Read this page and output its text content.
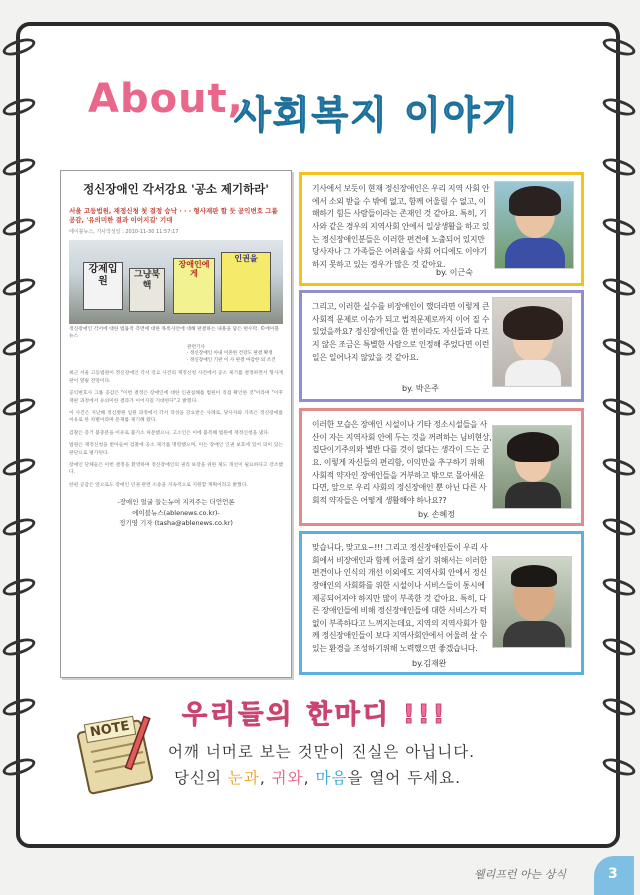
About,
사회복지 이야기
정신장애인 각서강요 '공소 제기하라'
서울 고등법원, 재정신청 첫 결정 승낙 · · · 형사재판 할 듯 공익변호 그룹 공감, '유의미한 결과 이어지길' 기대
에이블뉴스, 기사작성일 : 2010-11-30 11:57:17
강제입원
그냥북핵
장애인에게
인권을
정신장애인 각서에 대한 법률적 측면에 대한 목록사안에 대해 판결하는 내용을 담은 현수막. ©에이블뉴스
관련기사
· 정신장애인 아내 이혼한 건강도 판결 확정
· 정신장애인 기관 이 사 판결 마감한 외 조건

최근 서울 고등법원이 정신장애인 각서 강요 사건의 재정신청 사건에서 공소 제기를 결정하면서 형사재판이 열릴 전망이다.

공익변호사 그룹 공감은 "이번 결정은 장애인에 대한 인권침해를 법원이 직접 확인한 것"이라며 "이후 재판 과정에서 유의미한 결과가 이어지길 기대한다"고 밝혔다.

이 사건은 지난해 정신병원 입원 과정에서 각서 작성을 강요받은 사례로, 당사자와 가족은 정신장애를 이유로 한 차별이라며 문제를 제기해 왔다.

검찰은 증거 불충분을 이유로 불기소 처분했으나, 고소인은 이에 불복해 법원에 재정신청을 냈다.

법원은 재정신청을 받아들여 검찰에 공소 제기를 명령했으며, 이는 장애인 인권 보호에 있어 의미 있는 판단으로 평가된다.

장애인 단체들은 이번 결정을 환영하며 정신장애인의 권리 보장을 위한 제도 개선이 필요하다고 강조했다.

한편 공감은 앞으로도 장애인 인권 관련 소송을 지속적으로 지원할 계획이라고 밝혔다.

-장애인 얼굴 들는뉴여 지켜주는 더언언론
에이블뉴스(ablenews.co.kr)-
정기영 기자 (tasha@ablenews.co.kr)
기사에서 보듯이 현재 정신장애인은 우리 지역 사회 안에서 소외 받을 수 밖에 없고, 함께 어울릴 수 없고, 이해하기 힘든 사람들이라는 존재인 것 같아요. 특히, 기사와 같은 경우의 지역사회 안에서 일상생활을 하고 있는 정신장애인분들은 이러한 편견에 노출되어 있지만 당사자나 그 가족들은 어려움을 사회 어디에도 이야기 하지 못하고 있는 경우가 많은 것 같아요.
by. 이근숙
그리고, 이러한 실수를 비장애인이 했더라면 이렇게 큰 사회적 문제로 이슈가 되고 법적문제로까지 이어 질 수 있었을까요? 정신장애인을 한 번이라도 자신들과 다르지 않은 조금은 특별한 사람으로 인정해 주었다면 이런 일은 일어나지 않았을 것 같아요.
by. 박은주
이러한 모습은 장애인 시설이나 기타 정소시설들을 사산이 자는 지역사회 안에 두는 것을 꺼려하는 님비현상, 집단이기주의와 별반 다를 것이 없다는 생각이 드는 군요. 이렇게 자신들의 편리함, 이익만을 추구하기 위해 사회적 약자인 장애인들을 거부하고 밖으로 몰아세운다면, 앞으로 우리 사회의 정신장애인 뿐 아닌 다른 사회적 약자들은 어떻게 생활해야 하나요??
by. 손혜정
맞습니다, 맞고요~!!! 그리고 정신장애인들이 우리 사회에서 비장애인과 함께 어울려 살기 위해서는 이러한 편견이나 인식의 개선 이외에도 지역사회 안에서 정신장애인의 사회화를 위한 시설이나 서비스들이 통시에 제공되어져야 하지만 많이 부족한 것 같아요. 특히, 다른 장애인들에 비해 정신장애인들에 대한 서비스가 턱 없이 부족하다고 느껴지는데요, 지역의 지역사회가 함께 정신장애인들이 보다 지역사회안에서 어울려 살 수 있는 환경을 조성하기위해 노력했으면 좋겠습니다.
by.김재완
NOTE 우리들의 한마디 !!!
어깨 너머로 보는 것만이 진실은 아닙니다.
당신의 눈과, 귀와, 마음을 열어 두세요.
웰리프런 아는 상식	3
